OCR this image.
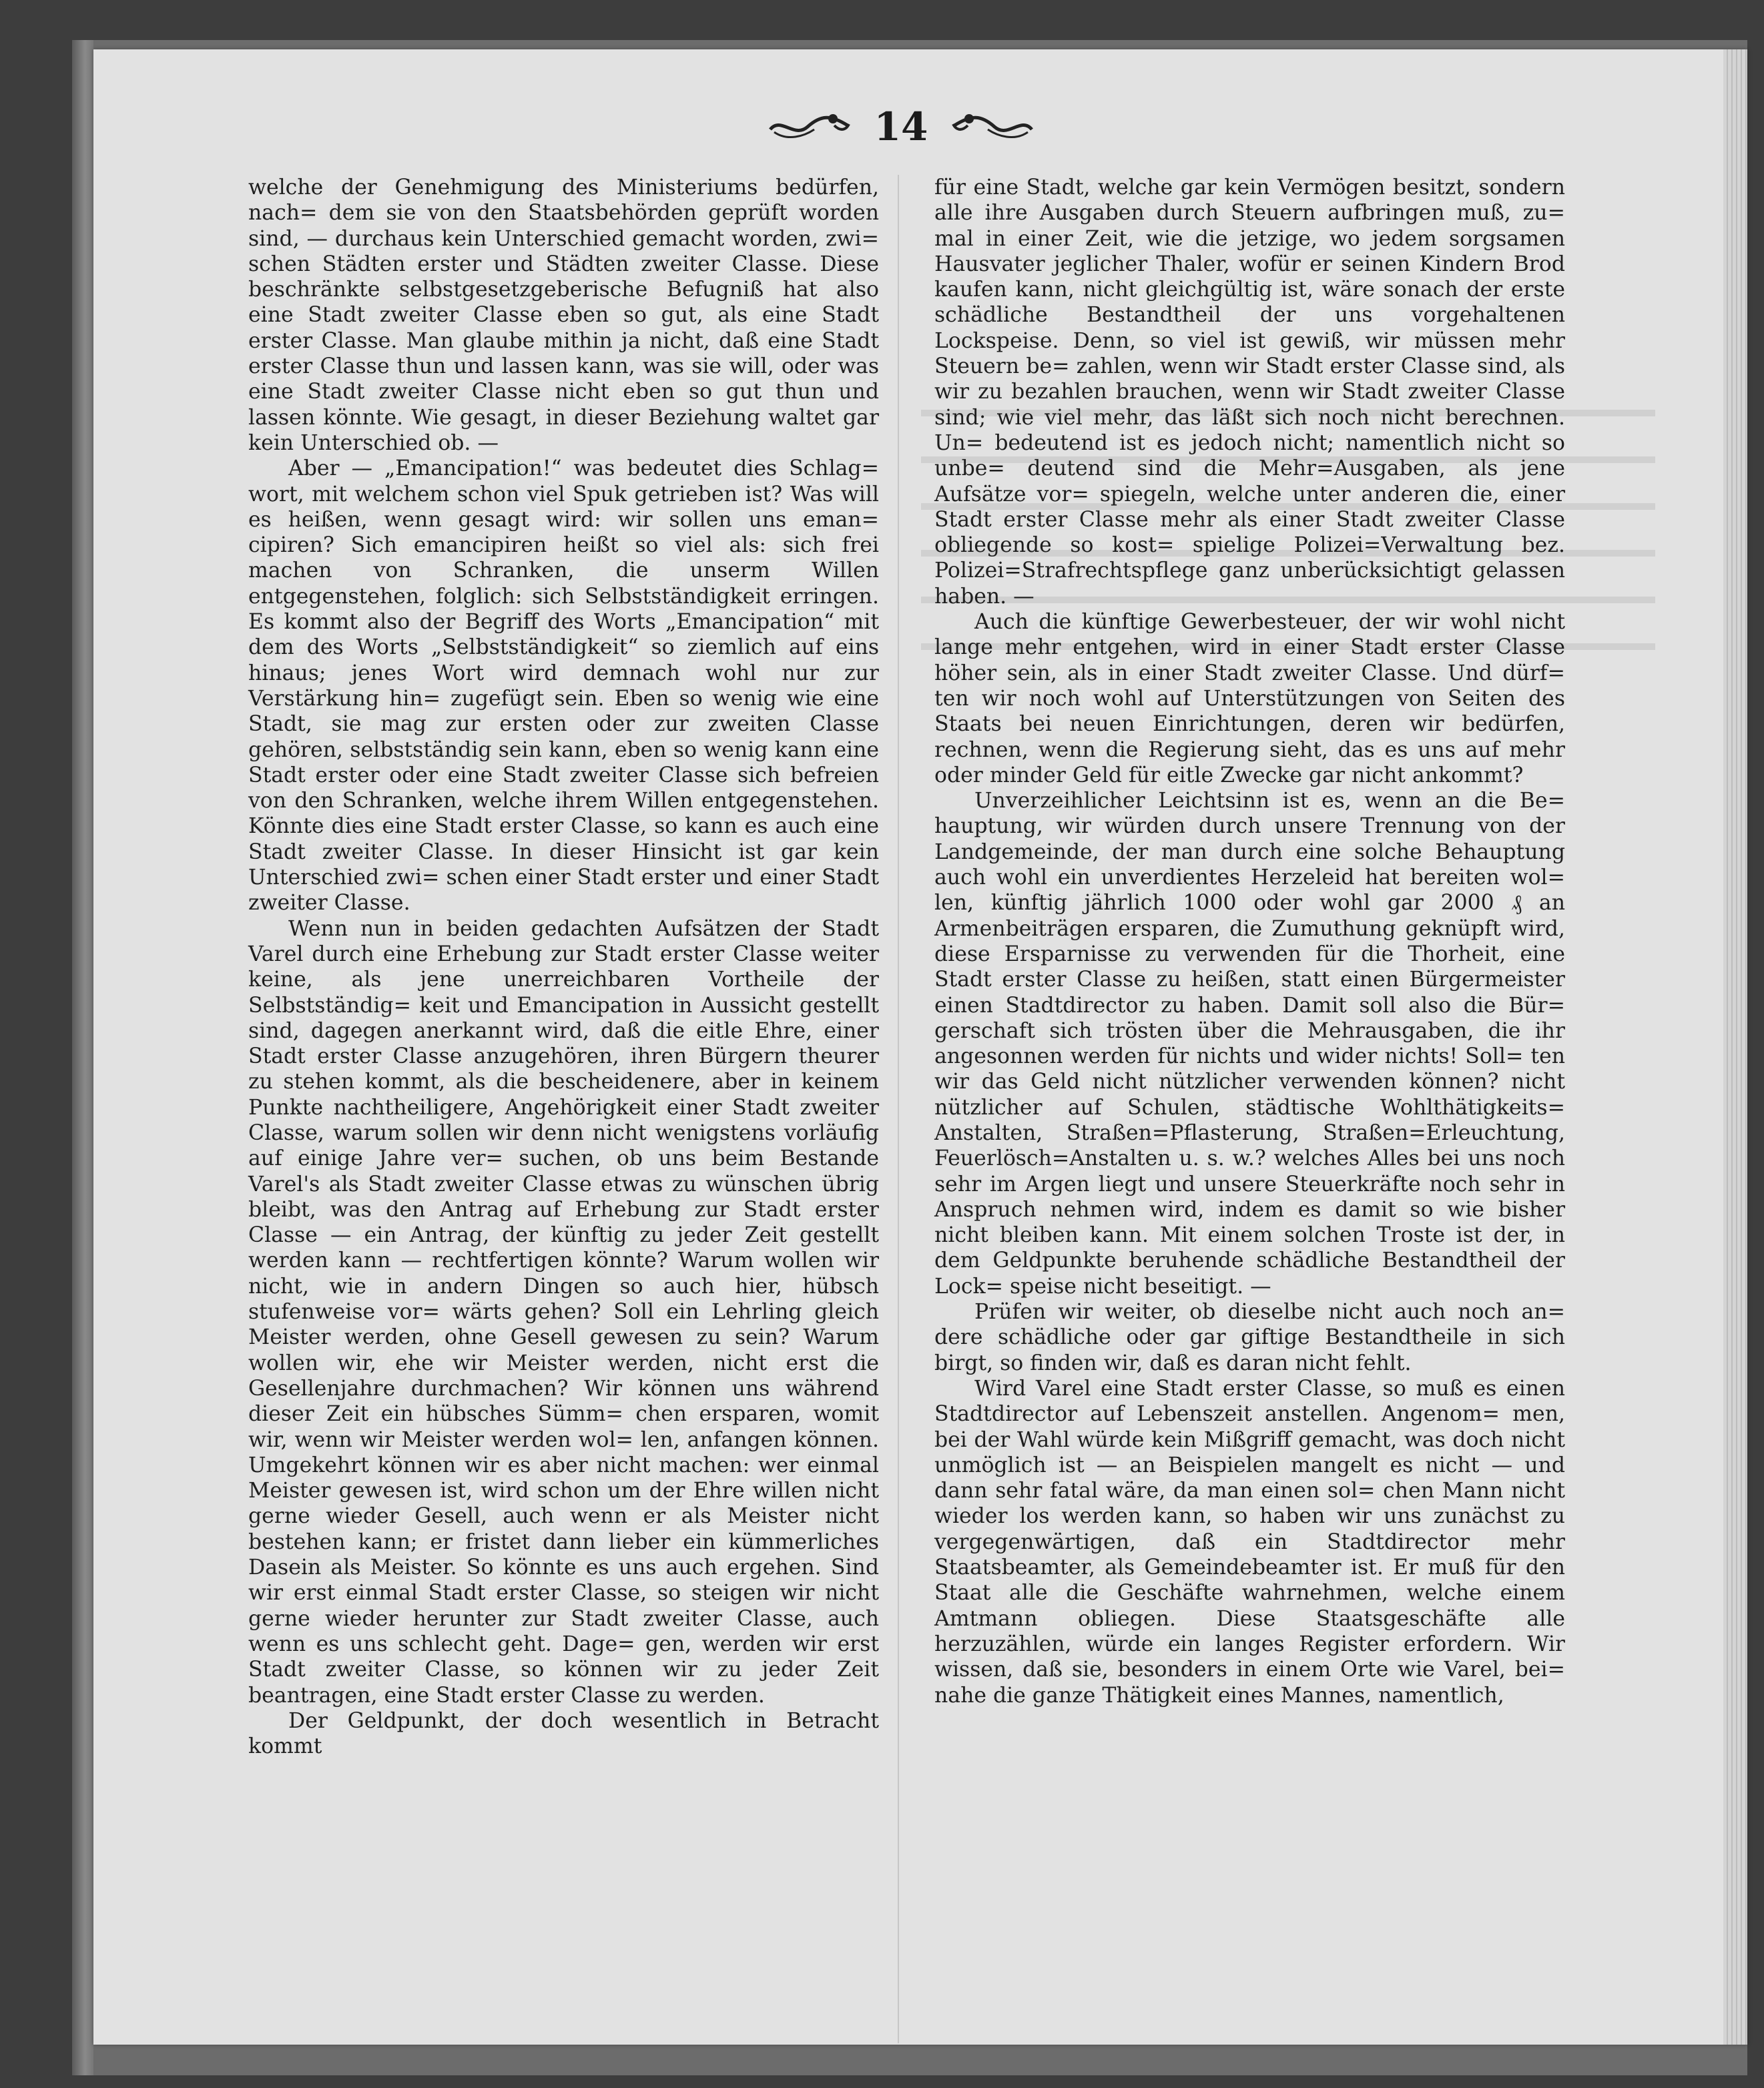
14

welche der Genehmigung des Ministeriums bedürfen, nach= dem sie von den Staatsbehörden geprüft worden sind, — durchaus kein Unterschied gemacht worden, zwi= schen Städten erster und Städten zweiter Classe. Diese beschränkte selbstgesetzgeberische Befugniß hat also eine Stadt zweiter Classe eben so gut, als eine Stadt erster Classe. Man glaube mithin ja nicht, daß eine Stadt erster Classe thun und lassen kann, was sie will, oder was eine Stadt zweiter Classe nicht eben so gut thun und lassen könnte. Wie gesagt, in dieser Beziehung waltet gar kein Unterschied ob. —

Aber — „Emancipation!“ was bedeutet dies Schlag= wort, mit welchem schon viel Spuk getrieben ist? Was will es heißen, wenn gesagt wird: wir sollen uns eman= cipiren? Sich emancipiren heißt so viel als: sich frei machen von Schranken, die unserm Willen entgegenstehen, folglich: sich Selbstständigkeit erringen. Es kommt also der Begriff des Worts „Emancipation“ mit dem des Worts „Selbstständigkeit“ so ziemlich auf eins hinaus; jenes Wort wird demnach wohl nur zur Verstärkung hin= zugefügt sein. Eben so wenig wie eine Stadt, sie mag zur ersten oder zur zweiten Classe gehören, selbstständig sein kann, eben so wenig kann eine Stadt erster oder eine Stadt zweiter Classe sich befreien von den Schranken, welche ihrem Willen entgegenstehen. Könnte dies eine Stadt erster Classe, so kann es auch eine Stadt zweiter Classe. In dieser Hinsicht ist gar kein Unterschied zwi= schen einer Stadt erster und einer Stadt zweiter Classe.

Wenn nun in beiden gedachten Aufsätzen der Stadt Varel durch eine Erhebung zur Stadt erster Classe weiter keine, als jene unerreichbaren Vortheile der Selbstständig= keit und Emancipation in Aussicht gestellt sind, dagegen anerkannt wird, daß die eitle Ehre, einer Stadt erster Classe anzugehören, ihren Bürgern theurer zu stehen kommt, als die bescheidenere, aber in keinem Punkte nachtheiligere, Angehörigkeit einer Stadt zweiter Classe, warum sollen wir denn nicht wenigstens vorläufig auf einige Jahre ver= suchen, ob uns beim Bestande Varel's als Stadt zweiter Classe etwas zu wünschen übrig bleibt, was den Antrag auf Erhebung zur Stadt erster Classe — ein Antrag, der künftig zu jeder Zeit gestellt werden kann — rechtfertigen könnte? Warum wollen wir nicht, wie in andern Dingen so auch hier, hübsch stufenweise vor= wärts gehen? Soll ein Lehrling gleich Meister werden, ohne Gesell gewesen zu sein? Warum wollen wir, ehe wir Meister werden, nicht erst die Gesellenjahre durchmachen? Wir können uns während dieser Zeit ein hübsches Sümm= chen ersparen, womit wir, wenn wir Meister werden wol= len, anfangen können. Umgekehrt können wir es aber nicht machen: wer einmal Meister gewesen ist, wird schon um der Ehre willen nicht gerne wieder Gesell, auch wenn er als Meister nicht bestehen kann; er fristet dann lieber ein kümmerliches Dasein als Meister. So könnte es uns auch ergehen. Sind wir erst einmal Stadt erster Classe, so steigen wir nicht gerne wieder herunter zur Stadt zweiter Classe, auch wenn es uns schlecht geht. Dage= gen, werden wir erst Stadt zweiter Classe, so können wir zu jeder Zeit beantragen, eine Stadt erster Classe zu werden.

Der Geldpunkt, der doch wesentlich in Betracht kommt

für eine Stadt, welche gar kein Vermögen besitzt, sondern alle ihre Ausgaben durch Steuern aufbringen muß, zu= mal in einer Zeit, wie die jetzige, wo jedem sorgsamen Hausvater jeglicher Thaler, wofür er seinen Kindern Brod kaufen kann, nicht gleichgültig ist, wäre sonach der erste schädliche Bestandtheil der uns vorgehaltenen Lockspeise. Denn, so viel ist gewiß, wir müssen mehr Steuern be= zahlen, wenn wir Stadt erster Classe sind, als wir zu bezahlen brauchen, wenn wir Stadt zweiter Classe sind; wie viel mehr, das läßt sich noch nicht berechnen. Un= bedeutend ist es jedoch nicht; namentlich nicht so unbe= deutend sind die Mehr=Ausgaben, als jene Aufsätze vor= spiegeln, welche unter anderen die, einer Stadt erster Classe mehr als einer Stadt zweiter Classe obliegende so kost= spielige Polizei=Verwaltung bez. Polizei=Strafrechtspflege ganz unberücksichtigt gelassen haben. —

Auch die künftige Gewerbesteuer, der wir wohl nicht lange mehr entgehen, wird in einer Stadt erster Classe höher sein, als in einer Stadt zweiter Classe. Und dürf= ten wir noch wohl auf Unterstützungen von Seiten des Staats bei neuen Einrichtungen, deren wir bedürfen, rechnen, wenn die Regierung sieht, das es uns auf mehr oder minder Geld für eitle Zwecke gar nicht ankommt?

Unverzeihlicher Leichtsinn ist es, wenn an die Be= hauptung, wir würden durch unsere Trennung von der Landgemeinde, der man durch eine solche Behauptung auch wohl ein unverdientes Herzeleid hat bereiten wol= len, künftig jährlich 1000 oder wohl gar 2000 ₰ an Armenbeiträgen ersparen, die Zumuthung geknüpft wird, diese Ersparnisse zu verwenden für die Thorheit, eine Stadt erster Classe zu heißen, statt einen Bürgermeister einen Stadtdirector zu haben. Damit soll also die Bür= gerschaft sich trösten über die Mehrausgaben, die ihr angesonnen werden für nichts und wider nichts! Soll= ten wir das Geld nicht nützlicher verwenden können? nicht nützlicher auf Schulen, städtische Wohlthätigkeits= Anstalten, Straßen=Pflasterung, Straßen=Erleuchtung, Feuerlösch=Anstalten u. s. w.? welches Alles bei uns noch sehr im Argen liegt und unsere Steuerkräfte noch sehr in Anspruch nehmen wird, indem es damit so wie bisher nicht bleiben kann. Mit einem solchen Troste ist der, in dem Geldpunkte beruhende schädliche Bestandtheil der Lock= speise nicht beseitigt. —

Prüfen wir weiter, ob dieselbe nicht auch noch an= dere schädliche oder gar giftige Bestandtheile in sich birgt, so finden wir, daß es daran nicht fehlt.

Wird Varel eine Stadt erster Classe, so muß es einen Stadtdirector auf Lebenszeit anstellen. Angenom= men, bei der Wahl würde kein Mißgriff gemacht, was doch nicht unmöglich ist — an Beispielen mangelt es nicht — und dann sehr fatal wäre, da man einen sol= chen Mann nicht wieder los werden kann, so haben wir uns zunächst zu vergegenwärtigen, daß ein Stadtdirector mehr Staatsbeamter, als Gemeindebeamter ist. Er muß für den Staat alle die Geschäfte wahrnehmen, welche einem Amtmann obliegen. Diese Staatsgeschäfte alle herzuzählen, würde ein langes Register erfordern. Wir wissen, daß sie, besonders in einem Orte wie Varel, bei= nahe die ganze Thätigkeit eines Mannes, namentlich,
